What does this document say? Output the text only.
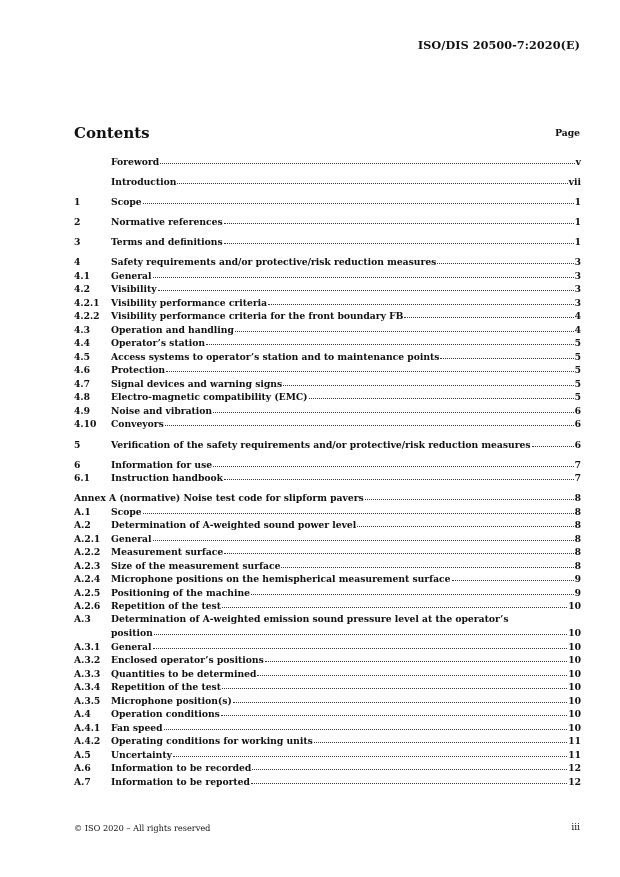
ISO/DIS 20500-7:2020(E)
Contents	Page
Foreword	v
Introduction	vii
1	Scope	1
2	Normative references	1
3	Terms and definitions	1
4	Safety requirements and/or protective/risk reduction measures	3
4.1	General	3
4.2	Visibility	3
4.2.1	Visibility performance criteria	3
4.2.2	Visibility performance criteria for the front boundary FB	4
4.3	Operation and handling	4
4.4	Operator’s station	5
4.5	Access systems to operator’s station and to maintenance points	5
4.6	Protection	5
4.7	Signal devices and warning signs	5
4.8	Electro-magnetic compatibility (EMC)	5
4.9	Noise and vibration	6
4.10	Conveyors	6
5	Verification of the safety requirements and/or protective/risk reduction measures	6
6	Information for use	7
6.1	Instruction handbook	7
Annex A (normative) Noise test code for slipform pavers	8
A.1	Scope	8
A.2	Determination of A-weighted sound power level	8
A.2.1	General	8
A.2.2	Measurement surface	8
A.2.3	Size of the measurement surface	8
A.2.4	Microphone positions on the hemispherical measurement surface	9
A.2.5	Positioning of the machine	9
A.2.6	Repetition of the test	10
A.3	Determination of A-weighted emission sound pressure level at the operator’s
position	10
A.3.1	General	10
A.3.2	Enclosed operator’s positions	10
A.3.3	Quantities to be determined	10
A.3.4	Repetition of the test	10
A.3.5	Microphone position(s)	10
A.4	Operation conditions	10
A.4.1	Fan speed	10
A.4.2	Operating conditions for working units	11
A.5	Uncertainty	11
A.6	Information to be recorded	12
A.7	Information to be reported	12
© ISO 2020 – All rights reserved	iii
